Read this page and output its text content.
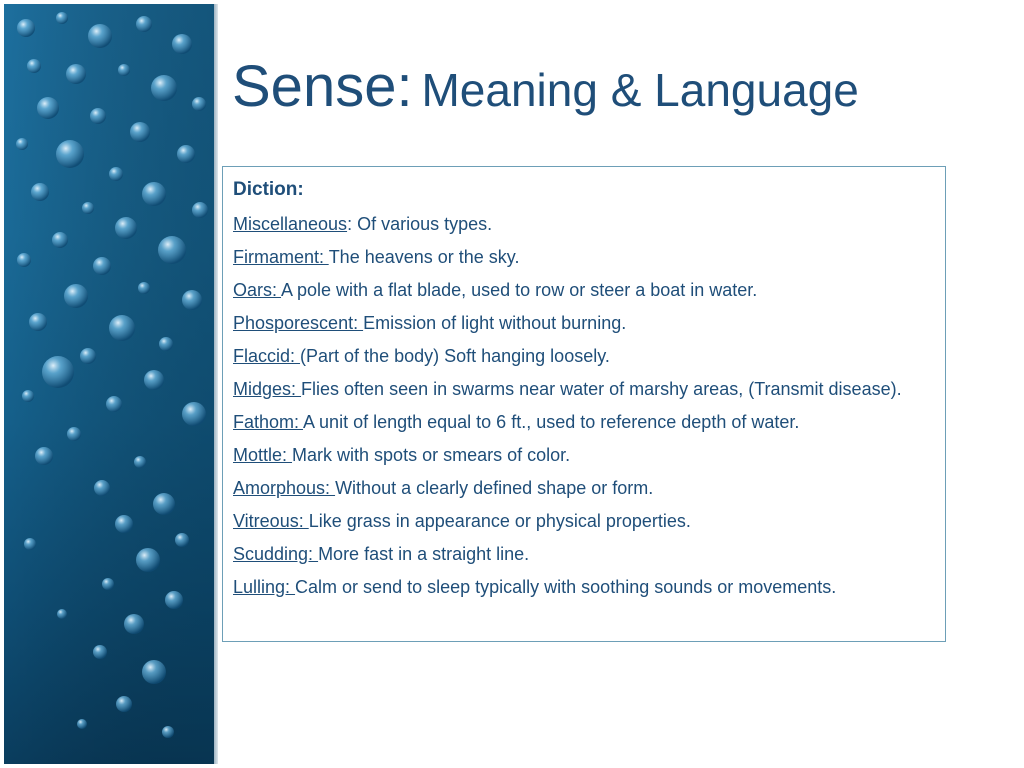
Sense: Meaning & Language
Diction:
Miscellaneous: Of various types.
Firmament: The heavens or the sky.
Oars: A pole with a flat blade, used to row or steer a boat in water.
Phosporescent: Emission of light without burning.
Flaccid: (Part of the body) Soft hanging loosely.
Midges: Flies often seen in swarms near water of marshy areas, (Transmit disease).
Fathom: A unit of length equal to 6 ft., used to reference depth of water.
Mottle: Mark with spots or smears of color.
Amorphous: Without a clearly defined shape or form.
Vitreous: Like grass in appearance or physical properties.
Scudding: More fast in a straight line.
Lulling: Calm or send to sleep typically with soothing sounds or movements.
